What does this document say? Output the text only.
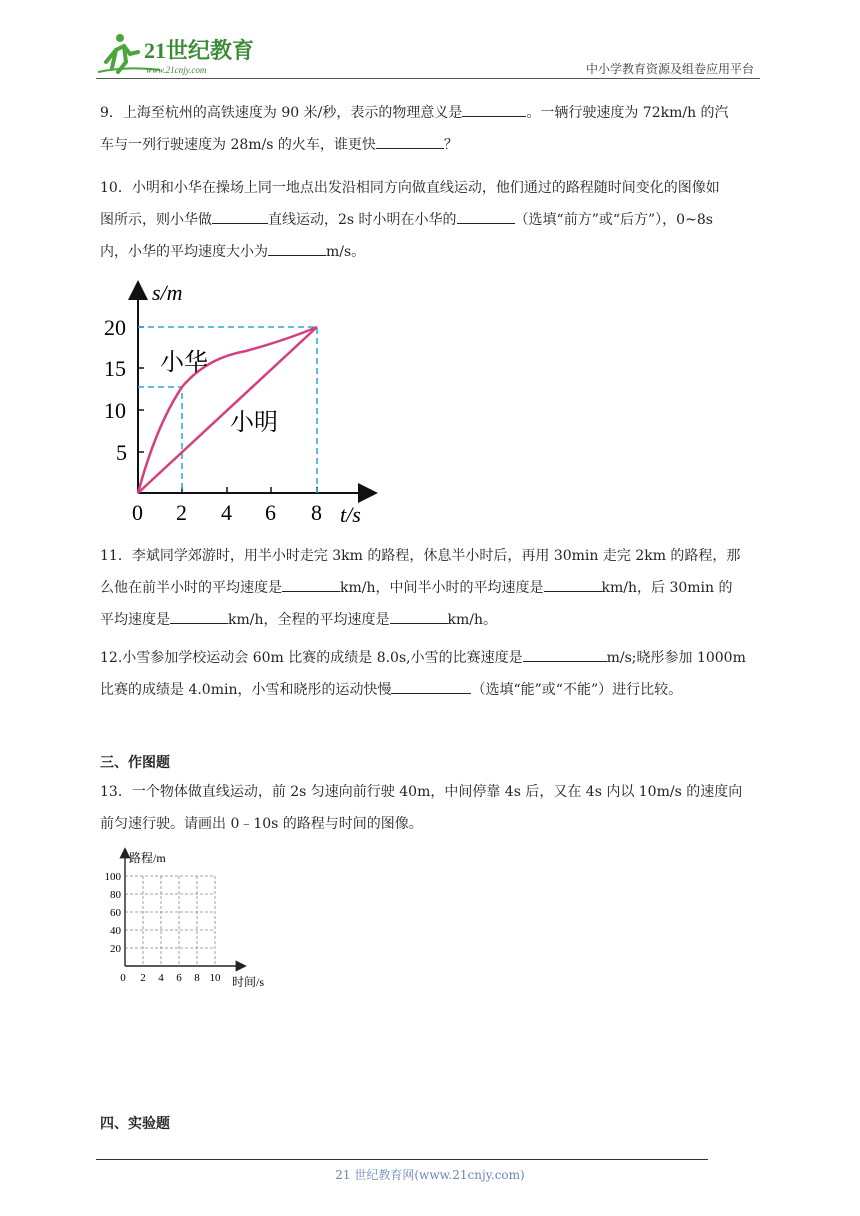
21世纪教育
www.21cnjy.com	中小学教育资源及组卷应用平台
9．上海至杭州的高铁速度为 90 米/秒，表示的物理意义是	。一辆行驶速度为 72km/h 的汽
车与一列行驶速度为 28m/s 的火车，谁更快	？
10．小明和小华在操场上同一地点出发沿相同方向做直线运动，他们通过的路程随时间变化的图像如
图所示，则小华做	直线运动，2s 时小明在小华的	（选填“前方”或“后方”），0~8s
内，小华的平均速度大小为	m/s。
s/m
t/s
20
15
10
5
0 2 4 6 8
小华
小明
11．李斌同学郊游时，用半小时走完 3km 的路程，休息半小时后，再用 30min 走完 2km 的路程，那
么他在前半小时的平均速度是	km/h，中间半小时的平均速度是	km/h，后 30min 的
平均速度是	km/h，全程的平均速度是	km/h。
12.小雪参加学校运动会 60m 比赛的成绩是 8.0s,小雪的比赛速度是	m/s;晓彤参加 1000m
比赛的成绩是 4.0min，小雪和晓彤的运动快慢	（选填“能”或“不能”）进行比较。
三、作图题
13．一个物体做直线运动，前 2s 匀速向前行驶 40m，中间停靠 4s 后，又在 4s 内以 10m/s 的速度向
前匀速行驶。请画出 0﹣10s 的路程与时间的图像。
路程/m
时间/s
100
80
60
40
20
0 2 4 6 8 10
四、实验题
21 世纪教育网(www.21cnjy.com)
